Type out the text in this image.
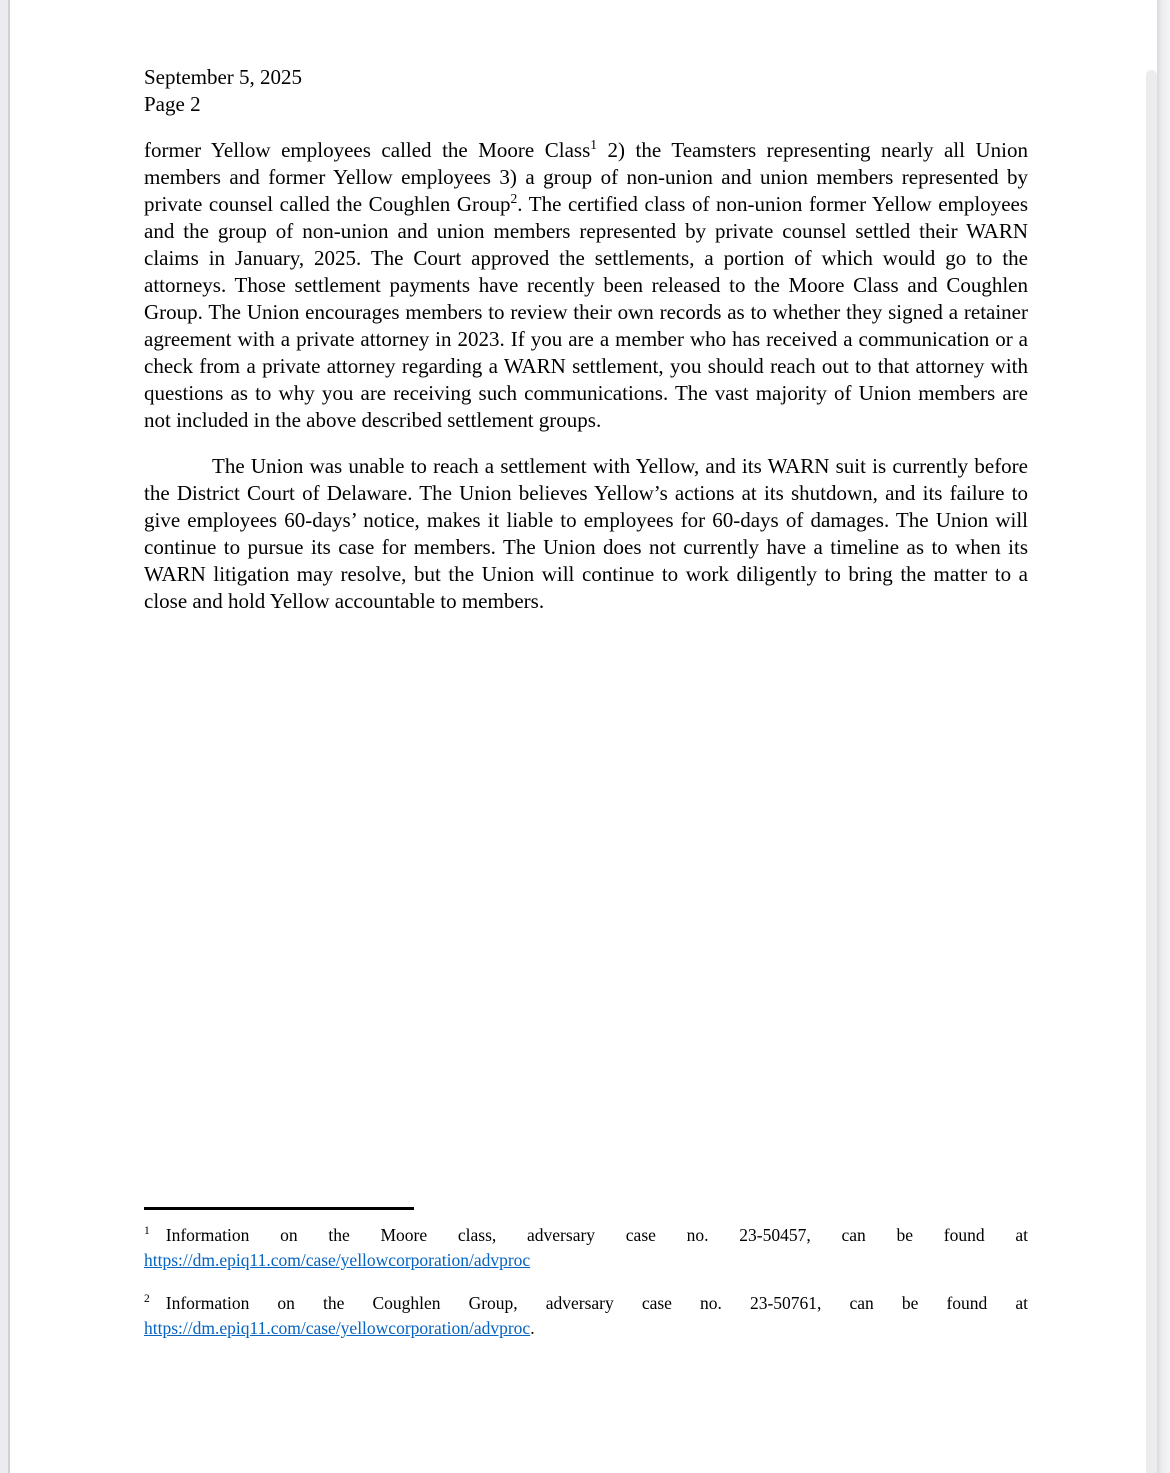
September 5, 2025
Page 2
former Yellow employees called the Moore Class$^1$ 2) the Teamsters representing nearly all Union members and former Yellow employees 3) a group of non-union and union members represented by private counsel called the Coughlen Group$^2$. The certified class of non-union former Yellow employees and the group of non-union and union members represented by private counsel settled their WARN claims in January, 2025. The Court approved the settlements, a portion of which would go to the attorneys. Those settlement payments have recently been released to the Moore Class and Coughlen Group. The Union encourages members to review their own records as to whether they signed a retainer agreement with a private attorney in 2023. If you are a member who has received a communication or a check from a private attorney regarding a WARN settlement, you should reach out to that attorney with questions as to why you are receiving such communications. The vast majority of Union members are not included in the above described settlement groups.
The Union was unable to reach a settlement with Yellow, and its WARN suit is currently before the District Court of Delaware. The Union believes Yellow’s actions at its shutdown, and its failure to give employees 60-days’ notice, makes it liable to employees for 60-days of damages. The Union will continue to pursue its case for members. The Union does not currently have a timeline as to when its WARN litigation may resolve, but the Union will continue to work diligently to bring the matter to a close and hold Yellow accountable to members.
1 Information on the Moore class, adversary case no. 23-50457, can be found at https://dm.epiq11.com/case/yellowcorporation/advproc
2 Information on the Coughlen Group, adversary case no. 23-50761, can be found at https://dm.epiq11.com/case/yellowcorporation/advproc.
